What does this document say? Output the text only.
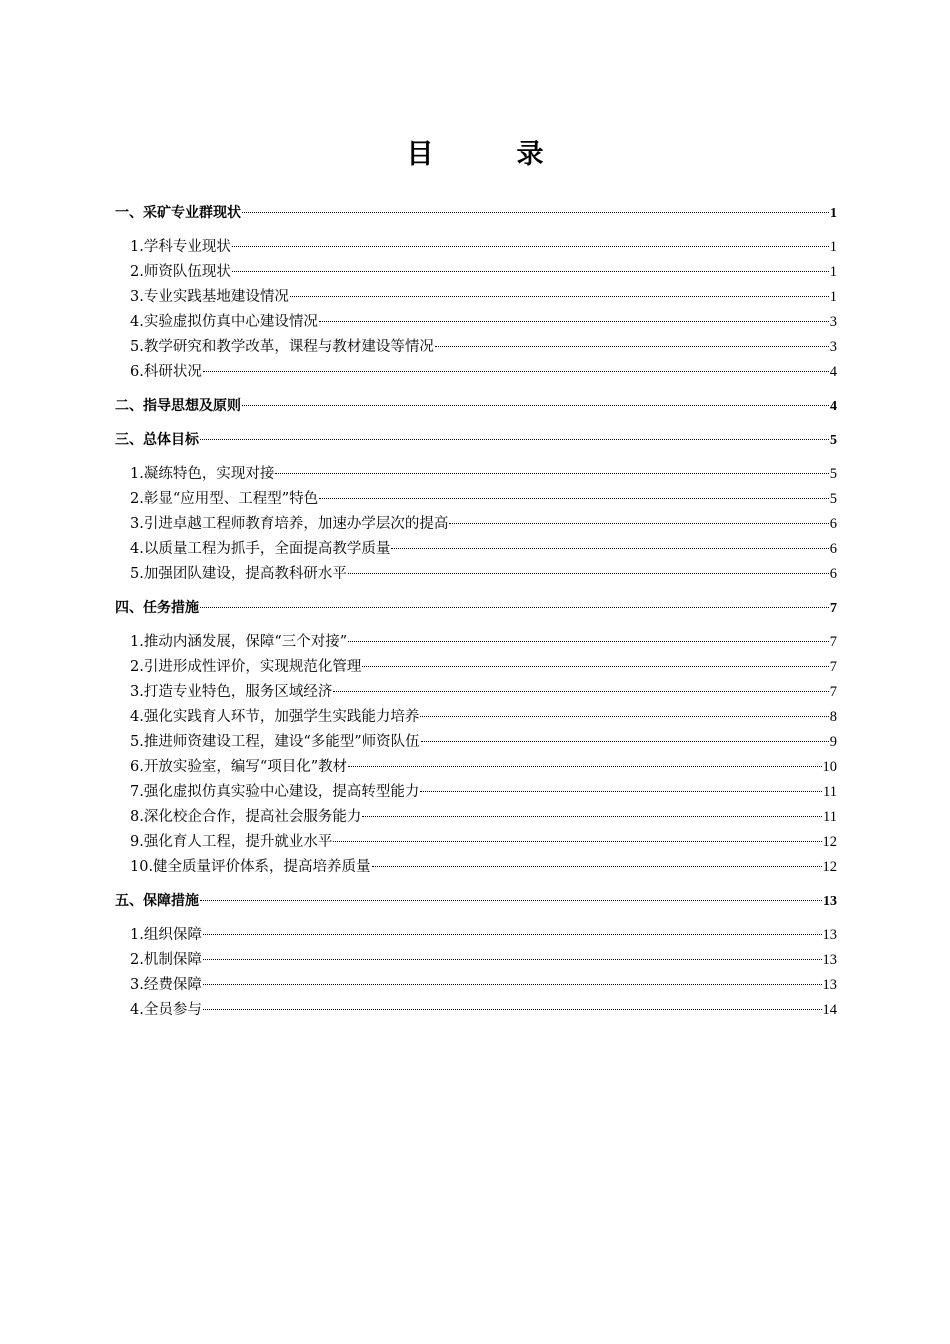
目　录
一、采矿专业群现状	1
1.学科专业现状	1
2.师资队伍现状	1
3.专业实践基地建设情况	1
4.实验虚拟仿真中心建设情况	3
5.教学研究和教学改革，课程与教材建设等情况	3
6.科研状况	4
二、指导思想及原则	4
三、总体目标	5
1.凝练特色，实现对接	5
2.彰显“应用型、工程型”特色	5
3.引进卓越工程师教育培养，加速办学层次的提高	6
4.以质量工程为抓手，全面提高教学质量	6
5.加强团队建设，提高教科研水平	6
四、任务措施	7
1.推动内涵发展，保障“三个对接”	7
2.引进形成性评价，实现规范化管理	7
3.打造专业特色，服务区域经济	7
4.强化实践育人环节，加强学生实践能力培养	8
5.推进师资建设工程，建设“多能型”师资队伍	9
6.开放实验室，编写“项目化”教材	10
7.强化虚拟仿真实验中心建设，提高转型能力	11
8.深化校企合作，提高社会服务能力	11
9.强化育人工程，提升就业水平	12
10.健全质量评价体系，提高培养质量	12
五、保障措施	13
1.组织保障	13
2.机制保障	13
3.经费保障	13
4.全员参与	14
